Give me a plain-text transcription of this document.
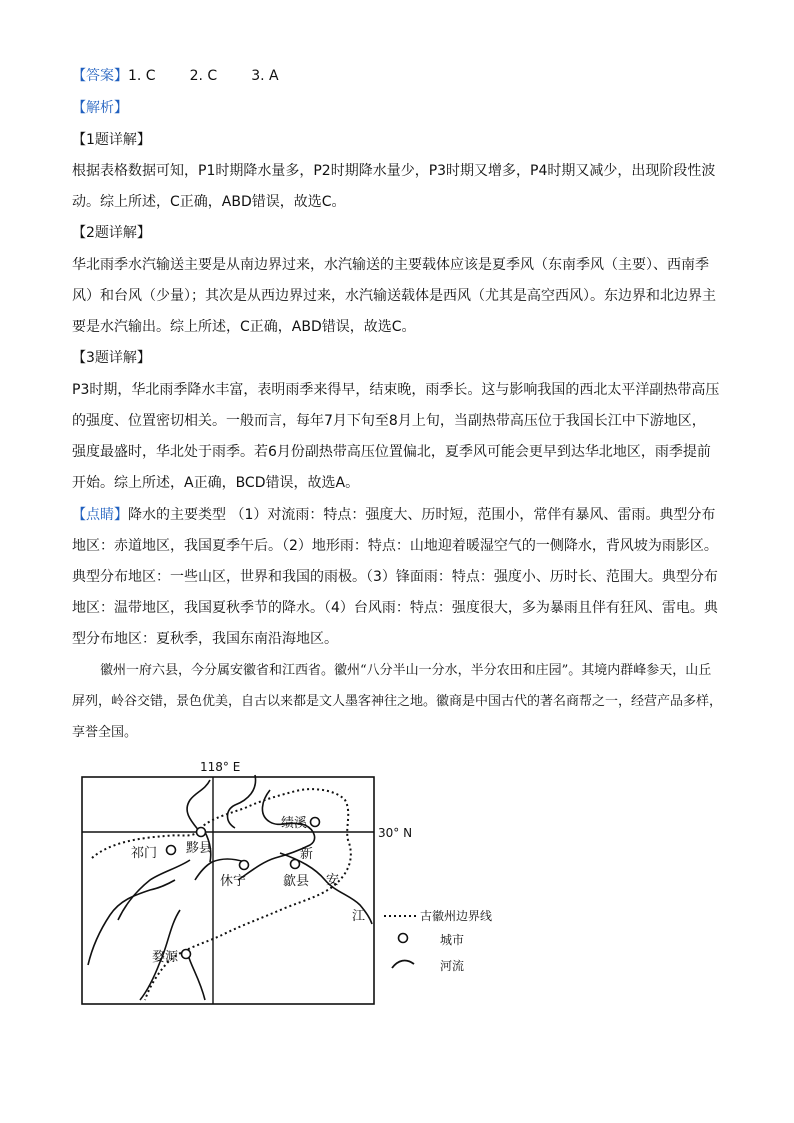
【答案】1. C 2. C 3. A
【解析】
【1题详解】
根据表格数据可知，P1时期降水量多，P2时期降水量少，P3时期又增多，P4时期又减少，出现阶段性波
动。综上所述，C正确，ABD错误，故选C。
【2题详解】
华北雨季水汽输送主要是从南边界过来，水汽输送的主要载体应该是夏季风（东南季风（主要）、西南季
风）和台风（少量）；其次是从西边界过来，水汽输送载体是西风（尤其是高空西风）。东边界和北边界主
要是水汽输出。综上所述，C正确，ABD错误，故选C。
【3题详解】
P3时期，华北雨季降水丰富，表明雨季来得早，结束晚，雨季长。这与影响我国的西北太平洋副热带高压
的强度、位置密切相关。一般而言，每年7月下旬至8月上旬，当副热带高压位于我国长江中下游地区，
强度最盛时，华北处于雨季。若6月份副热带高压位置偏北，夏季风可能会更早到达华北地区，雨季提前
开始。综上所述，A正确，BCD错误，故选A。
【点睛】降水的主要类型 （1）对流雨：特点：强度大、历时短，范围小，常伴有暴风、雷雨。典型分布
地区：赤道地区，我国夏季午后。（2）地形雨：特点：山地迎着暖湿空气的一侧降水，背风坡为雨影区。
典型分布地区：一些山区，世界和我国的雨极。（3）锋面雨：特点：强度小、历时长、范围大。典型分布
地区：温带地区，我国夏秋季节的降水。（4）台风雨：特点：强度很大，多为暴雨且伴有狂风、雷电。典
型分布地区：夏秋季，我国东南沿海地区。
徽州一府六县，今分属安徽省和江西省。徽州“八分半山一分水，半分农田和庄园”。其境内群峰参天，山丘屏列，岭谷交错，景色优美，自古以来都是文人墨客神往之地。徽商是中国古代的著名商帮之一，经营产品多样，享誉全国。
118° E
30° N
绩溪
黟县
祁门
休宁	歙县
婺源
新
安
江	古徽州边界线
城市
河流
